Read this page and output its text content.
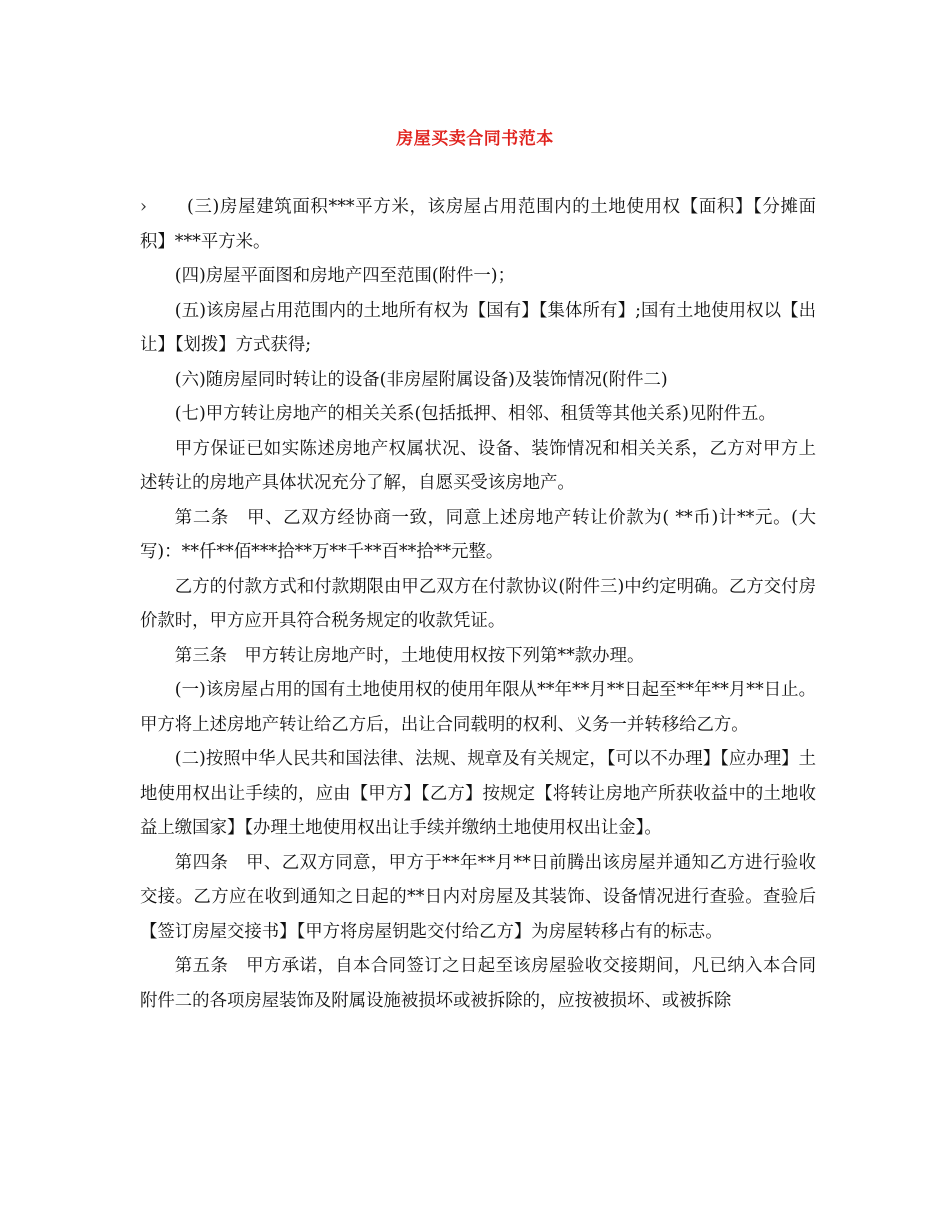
房屋买卖合同书范本

› (三)房屋建筑面积***平方米，该房屋占用范围内的土地使用权【面积】【分摊面积】***平方米。

(四)房屋平面图和房地产四至范围(附件一)；

(五)该房屋占用范围内的土地所有权为【国有】【集体所有】;国有土地使用权以【出让】【划拨】方式获得;

(六)随房屋同时转让的设备(非房屋附属设备)及装饰情况(附件二)

(七)甲方转让房地产的相关关系(包括抵押、相邻、租赁等其他关系)见附件五。

甲方保证已如实陈述房地产权属状况、设备、装饰情况和相关关系，乙方对甲方上述转让的房地产具体状况充分了解，自愿买受该房地产。

第二条　甲、乙双方经协商一致，同意上述房地产转让价款为( **币)计**元。(大写)：**仟**佰***拾**万**千**百**拾**元整。

乙方的付款方式和付款期限由甲乙双方在付款协议(附件三)中约定明确。乙方交付房价款时，甲方应开具符合税务规定的收款凭证。

第三条　甲方转让房地产时，土地使用权按下列第**款办理。

(一)该房屋占用的国有土地使用权的使用年限从**年**月**日起至**年**月**日止。甲方将上述房地产转让给乙方后，出让合同载明的权利、义务一并转移给乙方。

(二)按照中华人民共和国法律、法规、规章及有关规定，【可以不办理】【应办理】土地使用权出让手续的，应由【甲方】【乙方】按规定【将转让房地产所获收益中的土地收益上缴国家】【办理土地使用权出让手续并缴纳土地使用权出让金】。

第四条　甲、乙双方同意，甲方于**年**月**日前腾出该房屋并通知乙方进行验收交接。乙方应在收到通知之日起的**日内对房屋及其装饰、设备情况进行查验。查验后【签订房屋交接书】【甲方将房屋钥匙交付给乙方】为房屋转移占有的标志。

第五条　甲方承诺，自本合同签订之日起至该房屋验收交接期间，凡已纳入本合同附件二的各项房屋装饰及附属设施被损坏或被拆除的，应按被损坏、或被拆除
